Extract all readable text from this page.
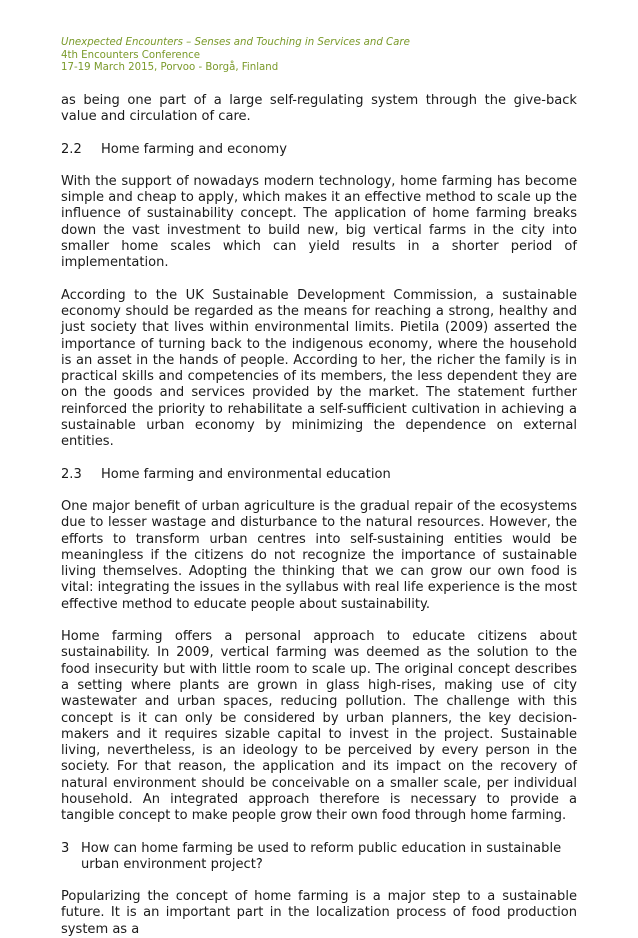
Unexpected Encounters – Senses and Touching in Services and Care
4th Encounters Conference
17-19 March 2015, Porvoo - Borgå, Finland

as being one part of a large self-regulating system through the give-back value and circulation of care.

2.2	Home farming and economy

With the support of nowadays modern technology, home farming has become simple and cheap to apply, which makes it an effective method to scale up the influence of sustainability concept. The application of home farming breaks down the vast investment to build new, big vertical farms in the city into smaller home scales which can yield results in a shorter period of implementation.

According to the UK Sustainable Development Commission, a sustainable economy should be regarded as the means for reaching a strong, healthy and just society that lives within environmental limits. Pietila (2009) asserted the importance of turning back to the indigenous economy, where the household is an asset in the hands of people. According to her, the richer the family is in practical skills and competencies of its members, the less dependent they are on the goods and services provided by the market. The statement further reinforced the priority to rehabilitate a self-sufficient cultivation in achieving a sustainable urban economy by minimizing the dependence on external entities.

2.3	Home farming and environmental education

One major benefit of urban agriculture is the gradual repair of the ecosystems due to lesser wastage and disturbance to the natural resources. However, the efforts to transform urban centres into self-sustaining entities would be meaningless if the citizens do not recognize the importance of sustainable living themselves. Adopting the thinking that we can grow our own food is vital: integrating the issues in the syllabus with real life experience is the most effective method to educate people about sustainability.

Home farming offers a personal approach to educate citizens about sustainability. In 2009, vertical farming was deemed as the solution to the food insecurity but with little room to scale up. The original concept describes a setting where plants are grown in glass high-rises, making use of city wastewater and urban spaces, reducing pollution. The challenge with this concept is it can only be considered by urban planners, the key decision-makers and it requires sizable capital to invest in the project. Sustainable living, nevertheless, is an ideology to be perceived by every person in the society. For that reason, the application and its impact on the recovery of natural environment should be conceivable on a smaller scale, per individual household. An integrated approach therefore is necessary to provide a tangible concept to make people grow their own food through home farming.

3 How can home farming be used to reform public education in sustainable urban environment project?

Popularizing the concept of home farming is a major step to a sustainable future. It is an important part in the localization process of food production system as a
